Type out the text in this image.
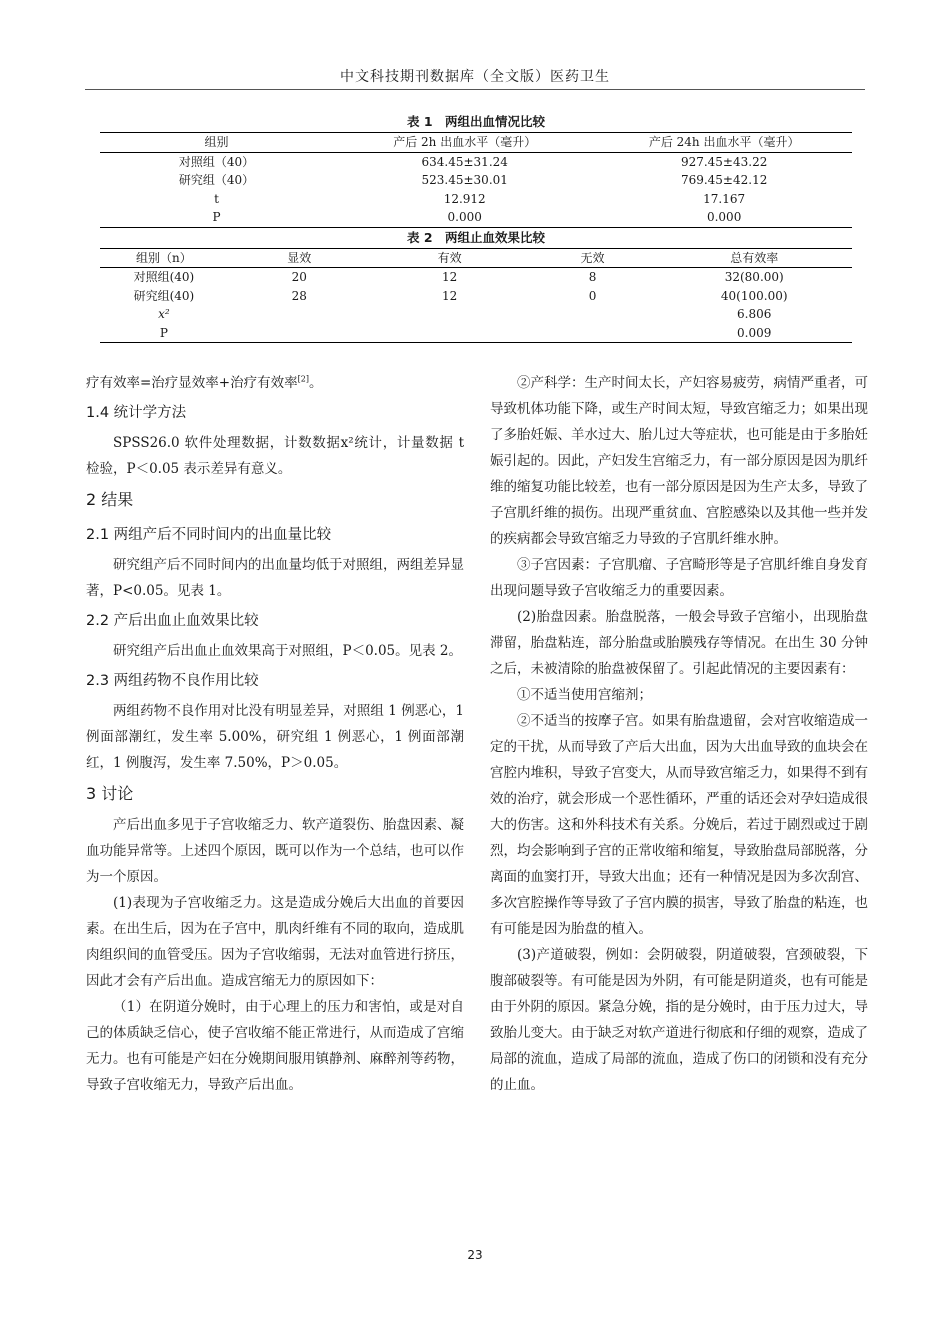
中文科技期刊数据库（全文版）医药卫生
表 1　两组出血情况比较
组别	产后 2h 出血水平（毫升）	产后 24h 出血水平（毫升）
对照组（40）	634.45±31.24	927.45±43.22
研究组（40）	523.45±30.01	769.45±42.12
t	12.912	17.167
P	0.000	0.000
表 2　两组止血效果比较
组别（n）	显效	有效	无效	总有效率
对照组(40)	20	12	8	32(80.00)
研究组(40)	28	12	0	40(100.00)
x²				6.806
P				0.009

疗有效率=治疗显效率+治疗有效率[2]。

1.4 统计学方法

SPSS26.0 软件处理数据，计数数据x²统计，计量数据 t 检验，P＜0.05 表示差异有意义。

2 结果

2.1 两组产后不同时间内的出血量比较

研究组产后不同时间内的出血量均低于对照组，两组差异显著，P<0.05。见表 1。

2.2 产后出血止血效果比较

研究组产后出血止血效果高于对照组，P＜0.05。见表 2。

2.3 两组药物不良作用比较

两组药物不良作用对比没有明显差异，对照组 1 例恶心，1 例面部潮红，发生率 5.00%，研究组 1 例恶心，1 例面部潮红，1 例腹泻，发生率 7.50%，P＞0.05。

3 讨论

产后出血多见于子宫收缩乏力、软产道裂伤、胎盘因素、凝血功能异常等。上述四个原因，既可以作为一个总结，也可以作为一个原因。

(1)表现为子宫收缩乏力。这是造成分娩后大出血的首要因素。在出生后，因为在子宫中，肌肉纤维有不同的取向，造成肌肉组织间的血管受压。因为子宫收缩弱，无法对血管进行挤压，因此才会有产后出血。造成宫缩无力的原因如下：

（1）在阴道分娩时，由于心理上的压力和害怕，或是对自己的体质缺乏信心，使子宫收缩不能正常进行，从而造成了宫缩无力。也有可能是产妇在分娩期间服用镇静剂、麻醉剂等药物，导致子宫收缩无力，导致产后出血。

②产科学：生产时间太长，产妇容易疲劳，病情严重者，可导致机体功能下降，或生产时间太短，导致宫缩乏力；如果出现了多胎妊娠、羊水过大、胎儿过大等症状，也可能是由于多胎妊娠引起的。因此，产妇发生宫缩乏力，有一部分原因是因为肌纤维的缩复功能比较差，也有一部分原因是因为生产太多，导致了子宫肌纤维的损伤。出现严重贫血、宫腔感染以及其他一些并发的疾病都会导致宫缩乏力导致的子宫肌纤维水肿。

③子宫因素：子宫肌瘤、子宫畸形等是子宫肌纤维自身发育出现问题导致子宫收缩乏力的重要因素。

(2)胎盘因素。胎盘脱落，一般会导致子宫缩小，出现胎盘滞留，胎盘粘连，部分胎盘或胎膜残存等情况。在出生 30 分钟之后，未被清除的胎盘被保留了。引起此情况的主要因素有：

①不适当使用宫缩剂；

②不适当的按摩子宫。如果有胎盘遗留，会对宫收缩造成一定的干扰，从而导致了产后大出血，因为大出血导致的血块会在宫腔内堆积，导致子宫变大，从而导致宫缩乏力，如果得不到有效的治疗，就会形成一个恶性循环，严重的话还会对孕妇造成很大的伤害。这和外科技术有关系。分娩后，若过于剧烈或过于剧烈，均会影响到子宫的正常收缩和缩复，导致胎盘局部脱落，分离面的血窦打开，导致大出血；还有一种情况是因为多次刮宫、多次宫腔操作等导致了子宫内膜的损害，导致了胎盘的粘连，也有可能是因为胎盘的植入。

(3)产道破裂，例如：会阴破裂，阴道破裂，宫颈破裂，下腹部破裂等。有可能是因为外阴，有可能是阴道炎，也有可能是由于外阴的原因。紧急分娩，指的是分娩时，由于压力过大，导致胎儿变大。由于缺乏对软产道进行彻底和仔细的观察，造成了局部的流血，造成了局部的流血，造成了伤口的闭锁和没有充分的止血。

23
